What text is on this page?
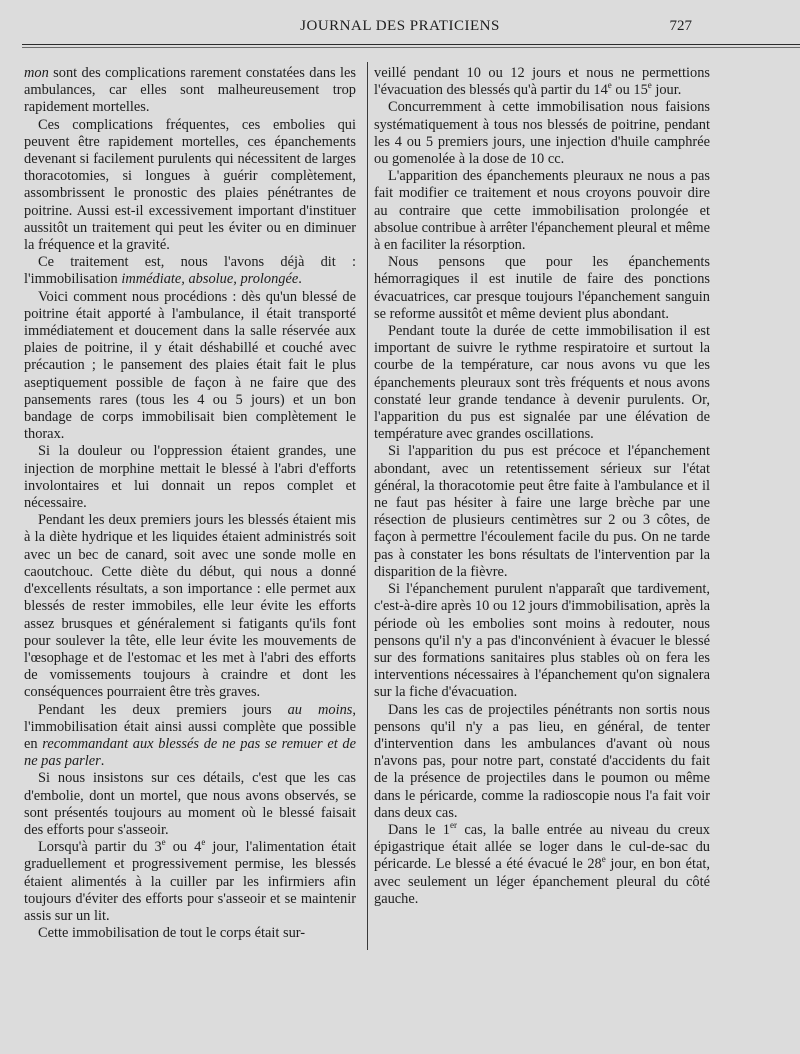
JOURNAL DES PRATICIENS	727

mon sont des complications rarement constatées dans les ambulances, car elles sont malheureusement trop rapidement mortelles.

Ces complications fréquentes, ces embolies qui peuvent être rapidement mortelles, ces épanchements devenant si facilement purulents qui nécessitent de larges thoracotomies, si longues à guérir complètement, assombrissent le pronostic des plaies pénétrantes de poitrine. Aussi est-il excessivement important d'instituer aussitôt un traitement qui peut les éviter ou en diminuer la fréquence et la gravité.

Ce traitement est, nous l'avons déjà dit : l'immobilisation immédiate, absolue, prolongée.

Voici comment nous procédions : dès qu'un blessé de poitrine était apporté à l'ambulance, il était transporté immédiatement et doucement dans la salle réservée aux plaies de poitrine, il y était déshabillé et couché avec précaution ; le pansement des plaies était fait le plus aseptiquement possible de façon à ne faire que des pansements rares (tous les 4 ou 5 jours) et un bon bandage de corps immobilisait bien complètement le thorax.

Si la douleur ou l'oppression étaient grandes, une injection de morphine mettait le blessé à l'abri d'efforts involontaires et lui donnait un repos complet et nécessaire.

Pendant les deux premiers jours les blessés étaient mis à la diète hydrique et les liquides étaient administrés soit avec un bec de canard, soit avec une sonde molle en caoutchouc. Cette diète du début, qui nous a donné d'excellents résultats, a son importance : elle permet aux blessés de rester immobiles, elle leur évite les efforts assez brusques et généralement si fatigants qu'ils font pour soulever la tête, elle leur évite les mouvements de l'œsophage et de l'estomac et les met à l'abri des efforts de vomissements toujours à craindre et dont les conséquences pourraient être très graves.

Pendant les deux premiers jours au moins, l'immobilisation était ainsi aussi complète que possible en recommandant aux blessés de ne pas se remuer et de ne pas parler.

Si nous insistons sur ces détails, c'est que les cas d'embolie, dont un mortel, que nous avons observés, se sont présentés toujours au moment où le blessé faisait des efforts pour s'asseoir.

Lorsqu'à partir du 3e ou 4e jour, l'alimentation était graduellement et progressivement permise, les blessés étaient alimentés à la cuiller par les infirmiers afin toujours d'éviter des efforts pour s'asseoir et se maintenir assis sur un lit.

Cette immobilisation de tout le corps était sur-

veillé pendant 10 ou 12 jours et nous ne permettions l'évacuation des blessés qu'à partir du 14e ou 15e jour.

Concurremment à cette immobilisation nous faisions systématiquement à tous nos blessés de poitrine, pendant les 4 ou 5 premiers jours, une injection d'huile camphrée ou gomenolée à la dose de 10 cc.

L'apparition des épanchements pleuraux ne nous a pas fait modifier ce traitement et nous croyons pouvoir dire au contraire que cette immobilisation prolongée et absolue contribue à arrêter l'épanchement pleural et même à en faciliter la résorption.

Nous pensons que pour les épanchements hémorragiques il est inutile de faire des ponctions évacuatrices, car presque toujours l'épanchement sanguin se reforme aussitôt et même devient plus abondant.

Pendant toute la durée de cette immobilisation il est important de suivre le rythme respiratoire et surtout la courbe de la température, car nous avons vu que les épanchements pleuraux sont très fréquents et nous avons constaté leur grande tendance à devenir purulents. Or, l'apparition du pus est signalée par une élévation de température avec grandes oscillations.

Si l'apparition du pus est précoce et l'épanchement abondant, avec un retentissement sérieux sur l'état général, la thoracotomie peut être faite à l'ambulance et il ne faut pas hésiter à faire une large brèche par une résection de plusieurs centimètres sur 2 ou 3 côtes, de façon à permettre l'écoulement facile du pus. On ne tarde pas à constater les bons résultats de l'intervention par la disparition de la fièvre.

Si l'épanchement purulent n'apparaît que tardivement, c'est-à-dire après 10 ou 12 jours d'immobilisation, après la période où les embolies sont moins à redouter, nous pensons qu'il n'y a pas d'inconvénient à évacuer le blessé sur des formations sanitaires plus stables où on fera les interventions nécessaires à l'épanchement qu'on signalera sur la fiche d'évacuation.

Dans les cas de projectiles pénétrants non sortis nous pensons qu'il n'y a pas lieu, en général, de tenter d'intervention dans les ambulances d'avant où nous n'avons pas, pour notre part, constaté d'accidents du fait de la présence de projectiles dans le poumon ou même dans le péricarde, comme la radioscopie nous l'a fait voir dans deux cas.

Dans le 1er cas, la balle entrée au niveau du creux épigastrique était allée se loger dans le cul-de-sac du péricarde. Le blessé a été évacué le 28e jour, en bon état, avec seulement un léger épanchement pleural du côté gauche.
